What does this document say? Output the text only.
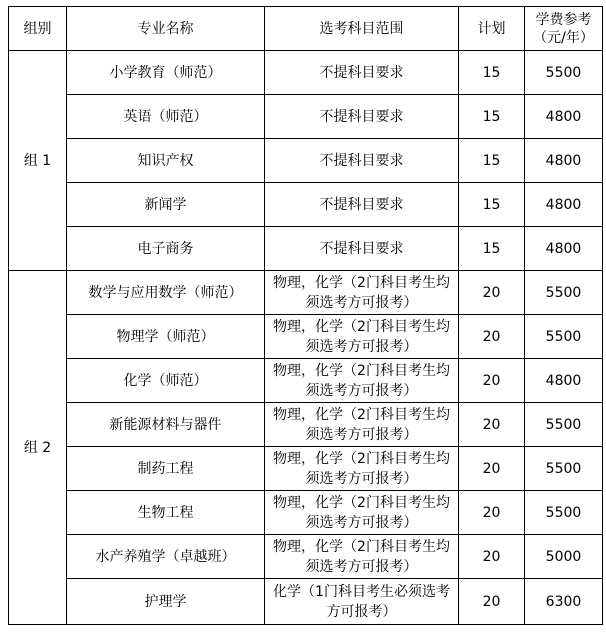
组别	专业名称	选考科目范围	计划	学费参考
（元/年）

组 1	小学教育（师范）	不提科目要求	15	5500
	英语（师范）	不提科目要求	15	4800
	知识产权	不提科目要求	15	4800
	新闻学	不提科目要求	15	4800
	电子商务	不提科目要求	15	4800
组 2	数学与应用数学（师范）	物理，化学（2门科目考生均须选考方可报考）	20	5500
	物理学（师范）	物理，化学（2门科目考生均须选考方可报考）	20	5500
	化学（师范）	物理，化学（2门科目考生均须选考方可报考）	20	4800
	新能源材料与器件	物理，化学（2门科目考生均须选考方可报考）	20	5500
	制药工程	物理，化学（2门科目考生均须选考方可报考）	20	5500
	生物工程	物理，化学（2门科目考生均须选考方可报考）	20	5500
	水产养殖学（卓越班）	物理，化学（2门科目考生均须选考方可报考）	20	5000
	护理学	化学（1门科目考生必须选考方可报考）	20	6300
